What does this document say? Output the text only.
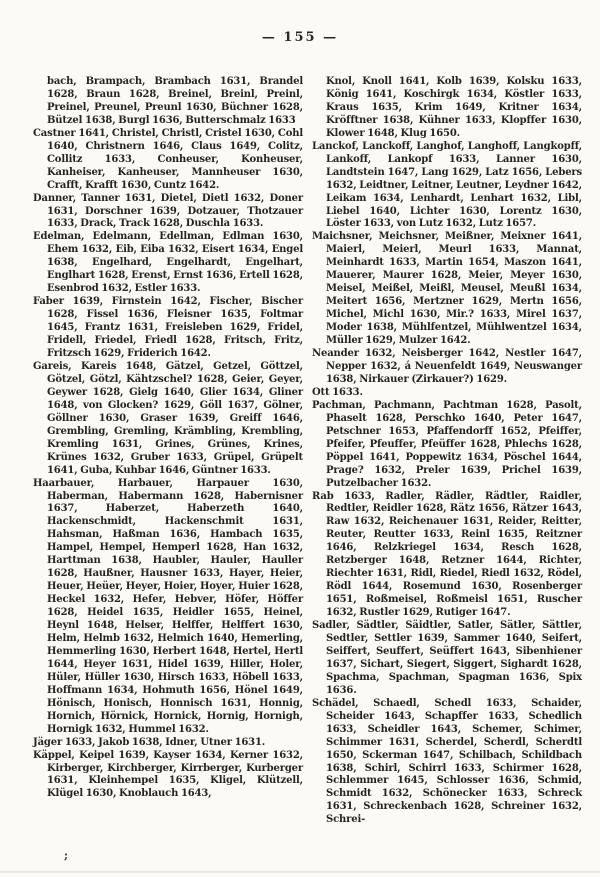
— 155 —

bach, Brampach, Brambach 1631, Brandel 1628, Braun 1628, Breinel, Breinl, Preinl, Preinel, Preunel, Preunl 1630, Büchner 1628, Bützel 1638, Burgl 1636, Butterschmalz 1633

Castner 1641, Christel, Christl, Cristel 1630, Cohl 1640, Christnern 1646, Claus 1649, Colitz, Collitz 1633, Conheuser, Konheuser, Kanheiser, Kanheuser, Mannheuser 1630, Crafft, Krafft 1630, Cuntz 1642.

Danner, Tanner 1631, Dietel, Dietl 1632, Doner 1631, Dorschner 1639, Dotzauer, Thotzauer 1633, Drack, Track 1628, Duschla 1633.

Edelman, Edelmann, Edellman, Edlman 1630, Ehem 1632, Eib, Eiba 1632, Eisert 1634, Engel 1638, Engelhard, Engelhardt, Engelhart, Englhart 1628, Erenst, Ernst 1636, Ertell 1628, Esenbrod 1632, Estler 1633.

Faber 1639, Firnstein 1642, Fischer, Bischer 1628, Fissel 1636, Fleisner 1635, Foltmar 1645, Frantz 1631, Freisleben 1629, Fridel, Fridell, Friedel, Friedl 1628, Fritsch, Fritz, Fritzsch 1629, Friderich 1642.

Gareis, Kareis 1648, Gätzel, Getzel, Göttzel, Götzel, Götzl, Kähtzschel? 1628, Geier, Geyer, Geywer 1628, Gielg 1640, Glier 1634, Gliner 1648, von Glocken? 1629, Göll 1637, Gölner, Göllner 1630, Graser 1639, Greiff 1646, Grembling, Gremling, Krämbling, Krembling, Kremling 1631, Grines, Grünes, Krines, Krünes 1632, Gruber 1633, Grüpel, Grüpelt 1641, Guba, Kuhbar 1646, Güntner 1633.

Haarbauer, Harbauer, Harpauer 1630, Haberman, Habermann 1628, Habernisner 1637, Haberzet, Haberzeth 1640, Hackenschmidt, Hackenschmit 1631, Hahsman, Haßman 1636, Hambach 1635, Hampel, Hempel, Hemperl 1628, Han 1632, Harttman 1638, Haubler, Hauler, Hauller 1628, Haußner, Hausner 1633, Hayer, Heier, Heuer, Heüer, Heyer, Hoier, Hoyer, Huier 1628, Heckel 1632, Hefer, Hebver, Höfer, Höffer 1628, Heidel 1635, Heidler 1655, Heinel, Heynl 1648, Helser, Helffer, Helffert 1630, Helm, Helmb 1632, Helmich 1640, Hemerling, Hemmerling 1630, Herbert 1648, Hertel, Hertl 1644, Heyer 1631, Hidel 1639, Hiller, Holer, Hüler, Hüller 1630, Hirsch 1633, Höbell 1633, Hoffmann 1634, Hohmuth 1656, Hönel 1649, Hönisch, Honisch, Honnisch 1631, Honnig, Hornich, Hörnick, Hornick, Hornig, Hornigh, Hornigk 1632, Hummel 1632.

Jäger 1633, Jakob 1638, Idner, Utner 1631.

Käppel, Keipel 1639, Kayser 1634, Kerner 1632, Kirberger, Kirchberger, Kirrberger, Kurberger 1631, Kleinhempel 1635, Kligel, Klützell, Klügel 1630, Knoblauch 1643,

Knol, Knoll 1641, Kolb 1639, Kolsku 1633, König 1641, Koschirgk 1634, Köstler 1633, Kraus 1635, Krim 1649, Kritner 1634, Kröfftner 1638, Kühner 1633, Klopffer 1630, Klower 1648, Klug 1650.

Lanckof, Lanckoff, Langhof, Langhoff, Langkopff, Lankoff, Lankopf 1633, Lanner 1630, Landtstein 1647, Lang 1629, Latz 1656, Lebers 1632, Leidtner, Leitner, Leutner, Leydner 1642, Leikam 1634, Lenhardt, Lenhart 1632, Libl, Liebel 1640, Lichter 1630, Lorentz 1630, Löster 1633, von Lutz 1632, Lutz 1657.

Maichsner, Meichsner, Meißner, Meixner 1641, Maierl, Meierl, Meurl 1633, Mannat, Meinhardt 1633, Martin 1654, Maszon 1641, Mauerer, Maurer 1628, Meier, Meyer 1630, Meisel, Meißel, Meißl, Meusel, Meußl 1634, Meitert 1656, Mertzner 1629, Mertn 1656, Michel, Michl 1630, Mir.? 1633, Mirel 1637, Moder 1638, Mühlfentzel, Mühlwentzel 1634, Müller 1629, Mulzer 1642.

Neander 1632, Neisberger 1642, Nestler 1647, Nepper 1632, á Neuenfeldt 1649, Neuswanger 1638, Nirkauer (Zirkauer?) 1629.

Ott 1633.

Pachman, Pachmann, Pachtman 1628, Pasolt, Phaselt 1628, Perschko 1640, Peter 1647, Petschner 1653, Pfaffendorff 1652, Pfeiffer, Pfeifer, Pfeuffer, Pfeüffer 1628, Phlechs 1628, Pöppel 1641, Poppewitz 1634, Pöschel 1644, Prage? 1632, Preler 1639, Prichel 1639, Putzelbacher 1632.

Rab 1633, Radler, Rädler, Rädtler, Raidler, Redtler, Reidler 1628, Rätz 1656, Rätzer 1643, Raw 1632, Reichenauer 1631, Reider, Reitter, Reuter, Reutter 1633, Reinl 1635, Reitzner 1646, Relzkriegel 1634, Resch 1628, Retzberger 1648, Retzner 1644, Richter, Riechter 1631, Ridl, Riedel, Riedl 1632, Rödel, Rödl 1644, Rosemund 1630, Rosenberger 1651, Roßmeisel, Roßmeisl 1651, Ruscher 1632, Rustler 1629, Rutiger 1647.

Sadler, Sädtler, Säidtler, Satler, Sätler, Sättler, Sedtler, Settler 1639, Sammer 1640, Seifert, Seiffert, Seuffert, Seüffert 1643, Sibenhiener 1637, Sichart, Siegert, Siggert, Sighardt 1628, Spachma, Spachman, Spagman 1636, Spix 1636.

Schädel, Schaedl, Schedl 1633, Schaider, Scheider 1643, Schapffer 1633, Schedlich 1633, Scheidler 1643, Schemer, Schimer, Schimmer 1631, Scherdel, Scherdl, Scherdtl 1650, Sckerman 1647, Schilbach, Schildbach 1638, Schirl, Schirrl 1633, Schirmer 1628, Schlemmer 1645, Schlosser 1636, Schmid, Schmidt 1632, Schönecker 1633, Schreck 1631, Schreckenbach 1628, Schreiner 1632, Schrei-

;
